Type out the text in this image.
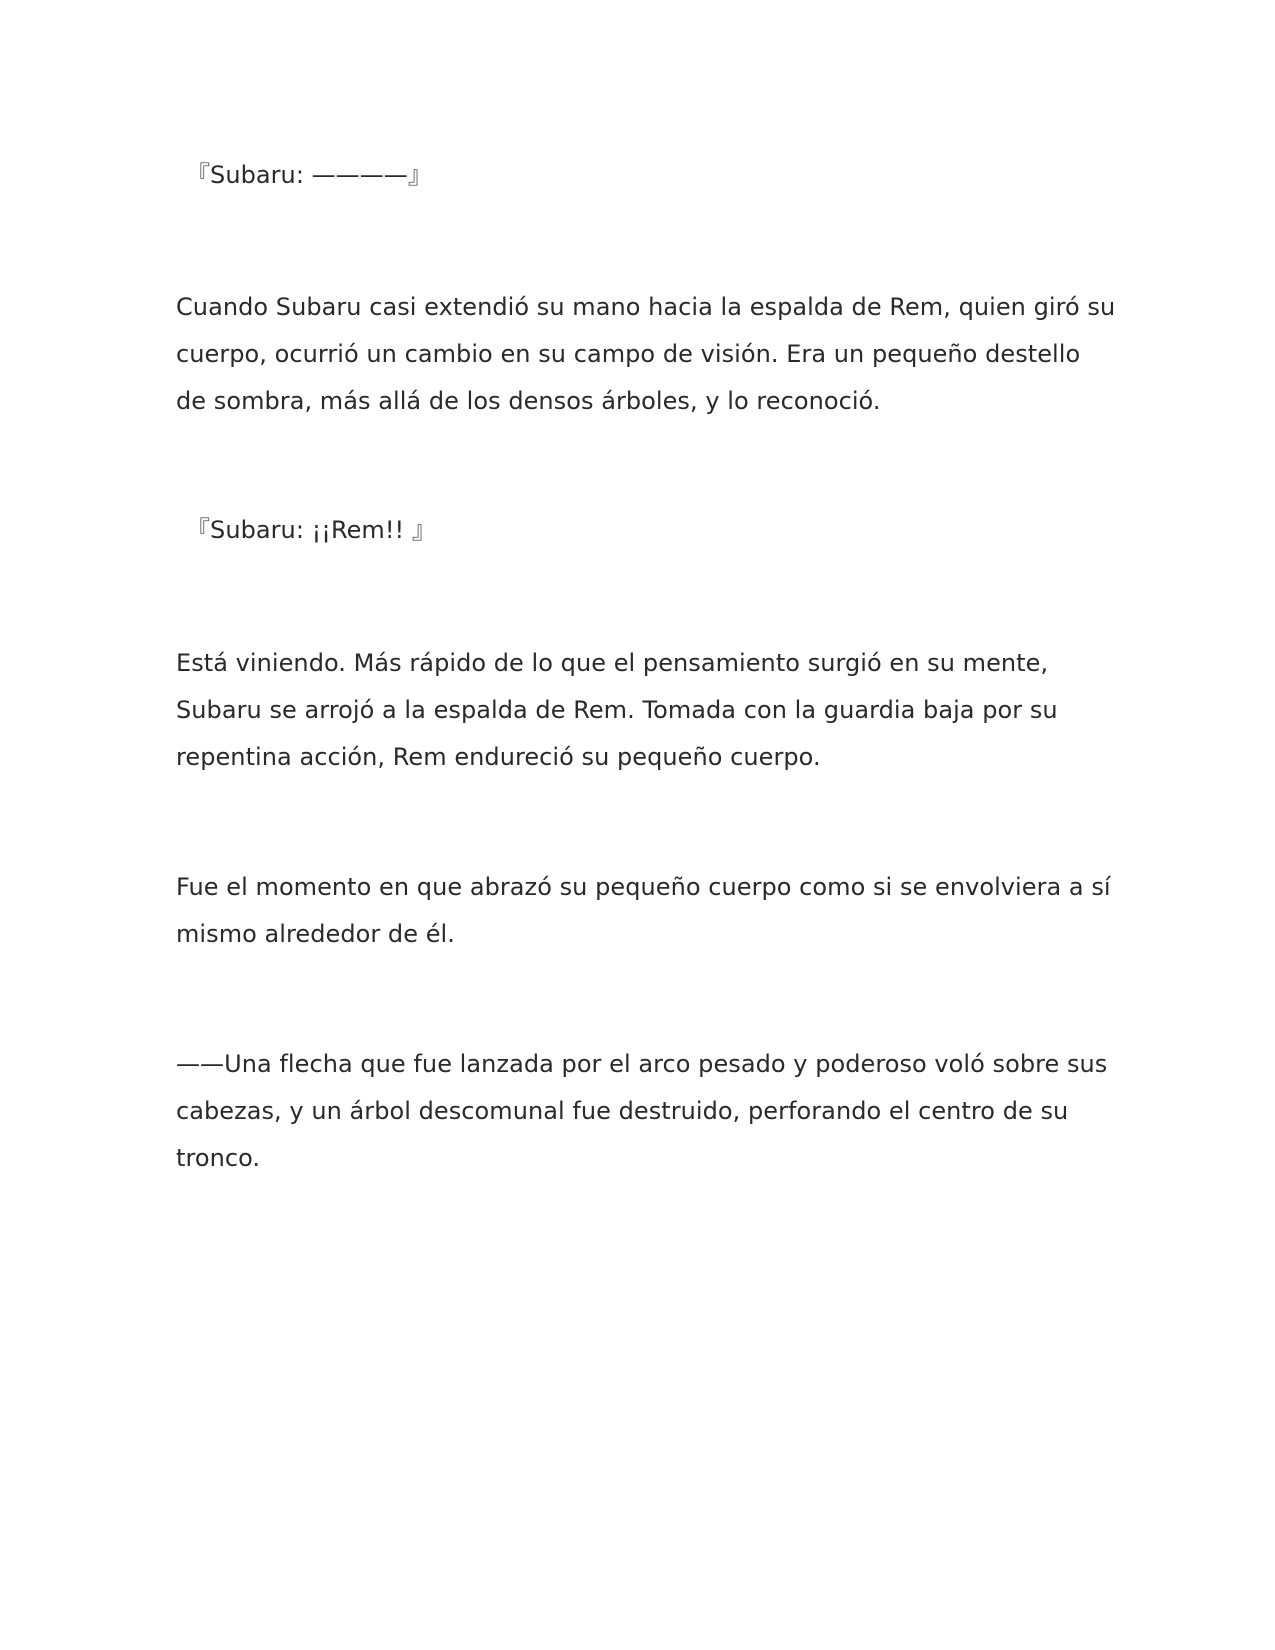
『Subaru: ————』

Cuando Subaru casi extendió su mano hacia la espalda de Rem, quien giró su
cuerpo, ocurrió un cambio en su campo de visión. Era un pequeño destello
de sombra, más allá de los densos árboles, y lo reconoció.

『Subaru: ¡¡Rem!! 』

Está viniendo. Más rápido de lo que el pensamiento surgió en su mente,
Subaru se arrojó a la espalda de Rem. Tomada con la guardia baja por su
repentina acción, Rem endureció su pequeño cuerpo.

Fue el momento en que abrazó su pequeño cuerpo como si se envolviera a sí
mismo alrededor de él.

——Una flecha que fue lanzada por el arco pesado y poderoso voló sobre sus
cabezas, y un árbol descomunal fue destruido, perforando el centro de su
tronco.
